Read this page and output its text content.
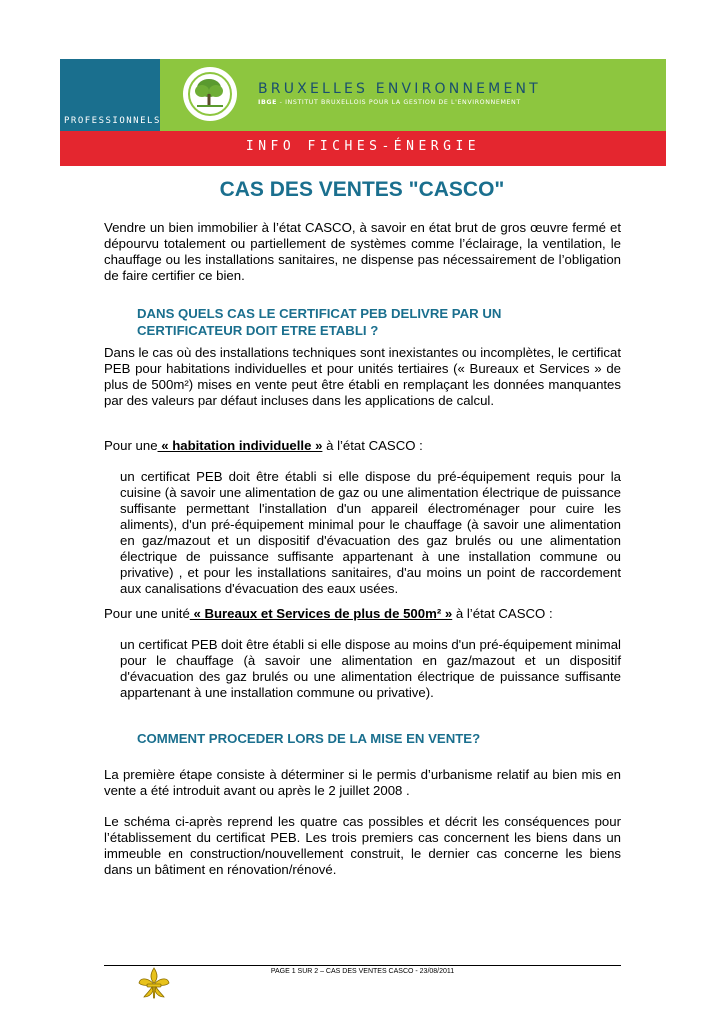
PROFESSIONNELS
BRUXELLES ENVIRONNEMENT
IBGE - INSTITUT BRUXELLOIS POUR LA GESTION DE L'ENVIRONNEMENT
INFO FICHES-ÉNERGIE
CAS DES VENTES "CASCO"

Vendre un bien immobilier à l’état CASCO, à savoir en état brut de gros œuvre fermé et dépourvu totalement ou partiellement de systèmes comme l’éclairage, la ventilation, le chauffage ou les installations sanitaires, ne dispense pas nécessairement de l’obligation de faire certifier ce bien.

DANS QUELS CAS LE CERTIFICAT PEB DELIVRE PAR UN CERTIFICATEUR DOIT ETRE ETABLI ?

Dans le cas où des installations techniques sont inexistantes ou incomplètes, le certificat PEB pour habitations individuelles et pour unités tertiaires (« Bureaux et Services » de plus de 500m²) mises en vente peut être établi en remplaçant les données manquantes par des valeurs par défaut incluses dans les applications de calcul.

Pour une « habitation individuelle » à l’état CASCO :

un certificat PEB doit être établi si elle dispose du pré-équipement requis pour la cuisine (à savoir une alimentation de gaz ou une alimentation électrique de puissance suffisante permettant l'installation d'un appareil électroménager pour cuire les aliments), d'un pré-équipement minimal pour le chauffage (à savoir une alimentation en gaz/mazout et un dispositif d'évacuation des gaz brulés ou une alimentation électrique de puissance suffisante appartenant à une installation commune ou privative) , et pour les installations sanitaires, d'au moins un point de raccordement aux canalisations d'évacuation des eaux usées.

Pour une unité « Bureaux et Services de plus de 500m² » à l’état CASCO :

un certificat PEB doit être établi si elle dispose au moins d'un pré-équipement minimal pour le chauffage (à savoir une alimentation en gaz/mazout et un dispositif d'évacuation des gaz brulés ou une alimentation électrique de puissance suffisante appartenant à une installation commune ou privative).

COMMENT PROCEDER LORS DE LA MISE EN VENTE?

La première étape consiste à déterminer si le permis d’urbanisme relatif au bien mis en vente a été introduit avant ou après le 2 juillet 2008 .

Le schéma ci-après reprend les quatre cas possibles et décrit les conséquences pour l’établissement du certificat PEB. Les trois premiers cas concernent les biens dans un immeuble en construction/nouvellement construit, le dernier cas concerne les biens dans un bâtiment en rénovation/rénové.

PAGE 1 SUR 2 – CAS DES VENTES CASCO - 23/08/2011
